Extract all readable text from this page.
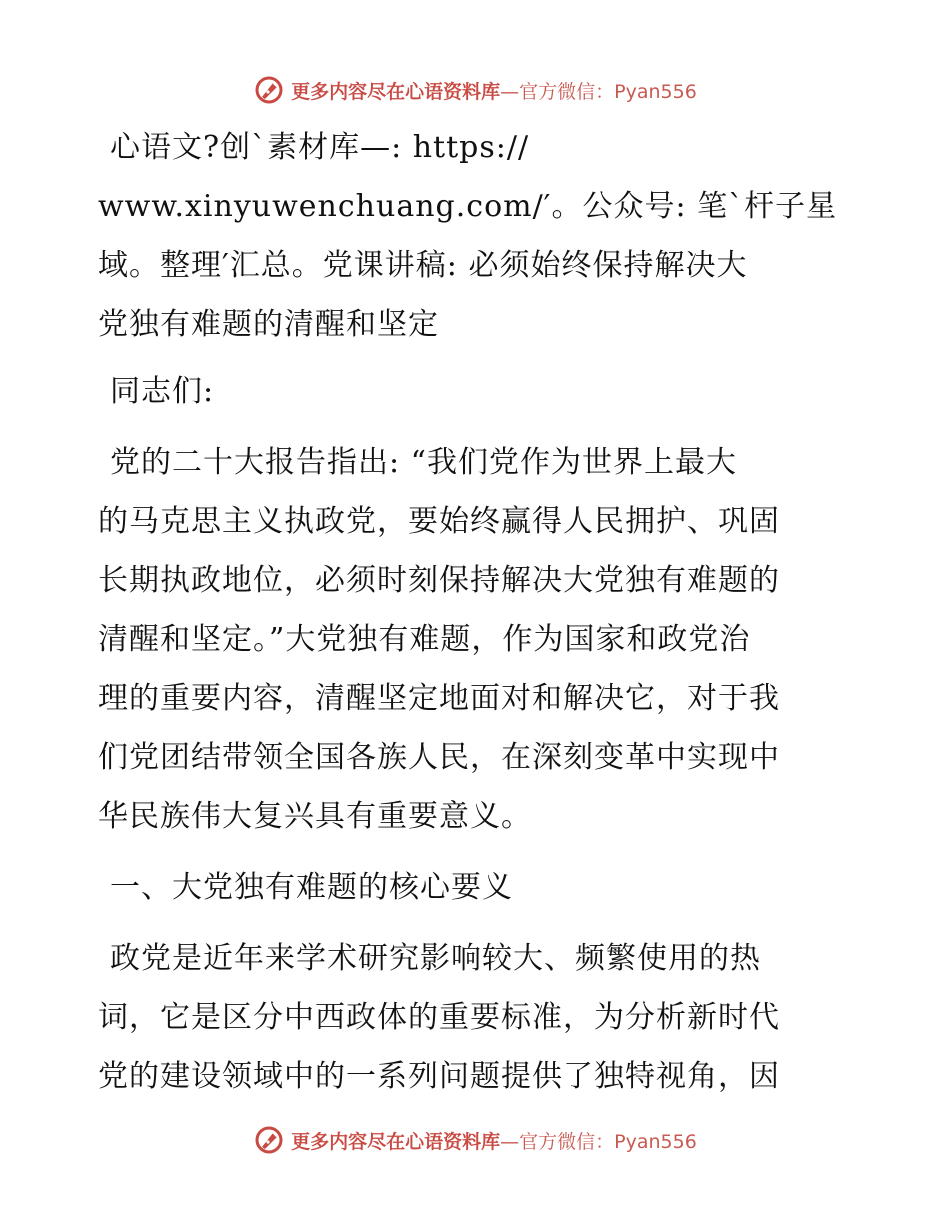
更多内容尽在心语资料库—官方微信：Pyan556

心语文?创`素材库—: https://

www.xinyuwenchuang.com/′。公众号: 笔`杆子星

域。整理′汇总。党课讲稿: 必须始终保持解决大

党独有难题的清醒和坚定

同志们:

党的二十大报告指出: “我们党作为世界上最大

的马克思主义执政党，要始终赢得人民拥护、巩固

长期执政地位，必须时刻保持解决大党独有难题的

清醒和坚定。”大党独有难题，作为国家和政党治

理的重要内容，清醒坚定地面对和解决它，对于我

们党团结带领全国各族人民，在深刻变革中实现中

华民族伟大复兴具有重要意义。

一、大党独有难题的核心要义

政党是近年来学术研究影响较大、频繁使用的热

词，它是区分中西政体的重要标准，为分析新时代

党的建设领域中的一系列问题提供了独特视角，因

更多内容尽在心语资料库—官方微信：Pyan556
